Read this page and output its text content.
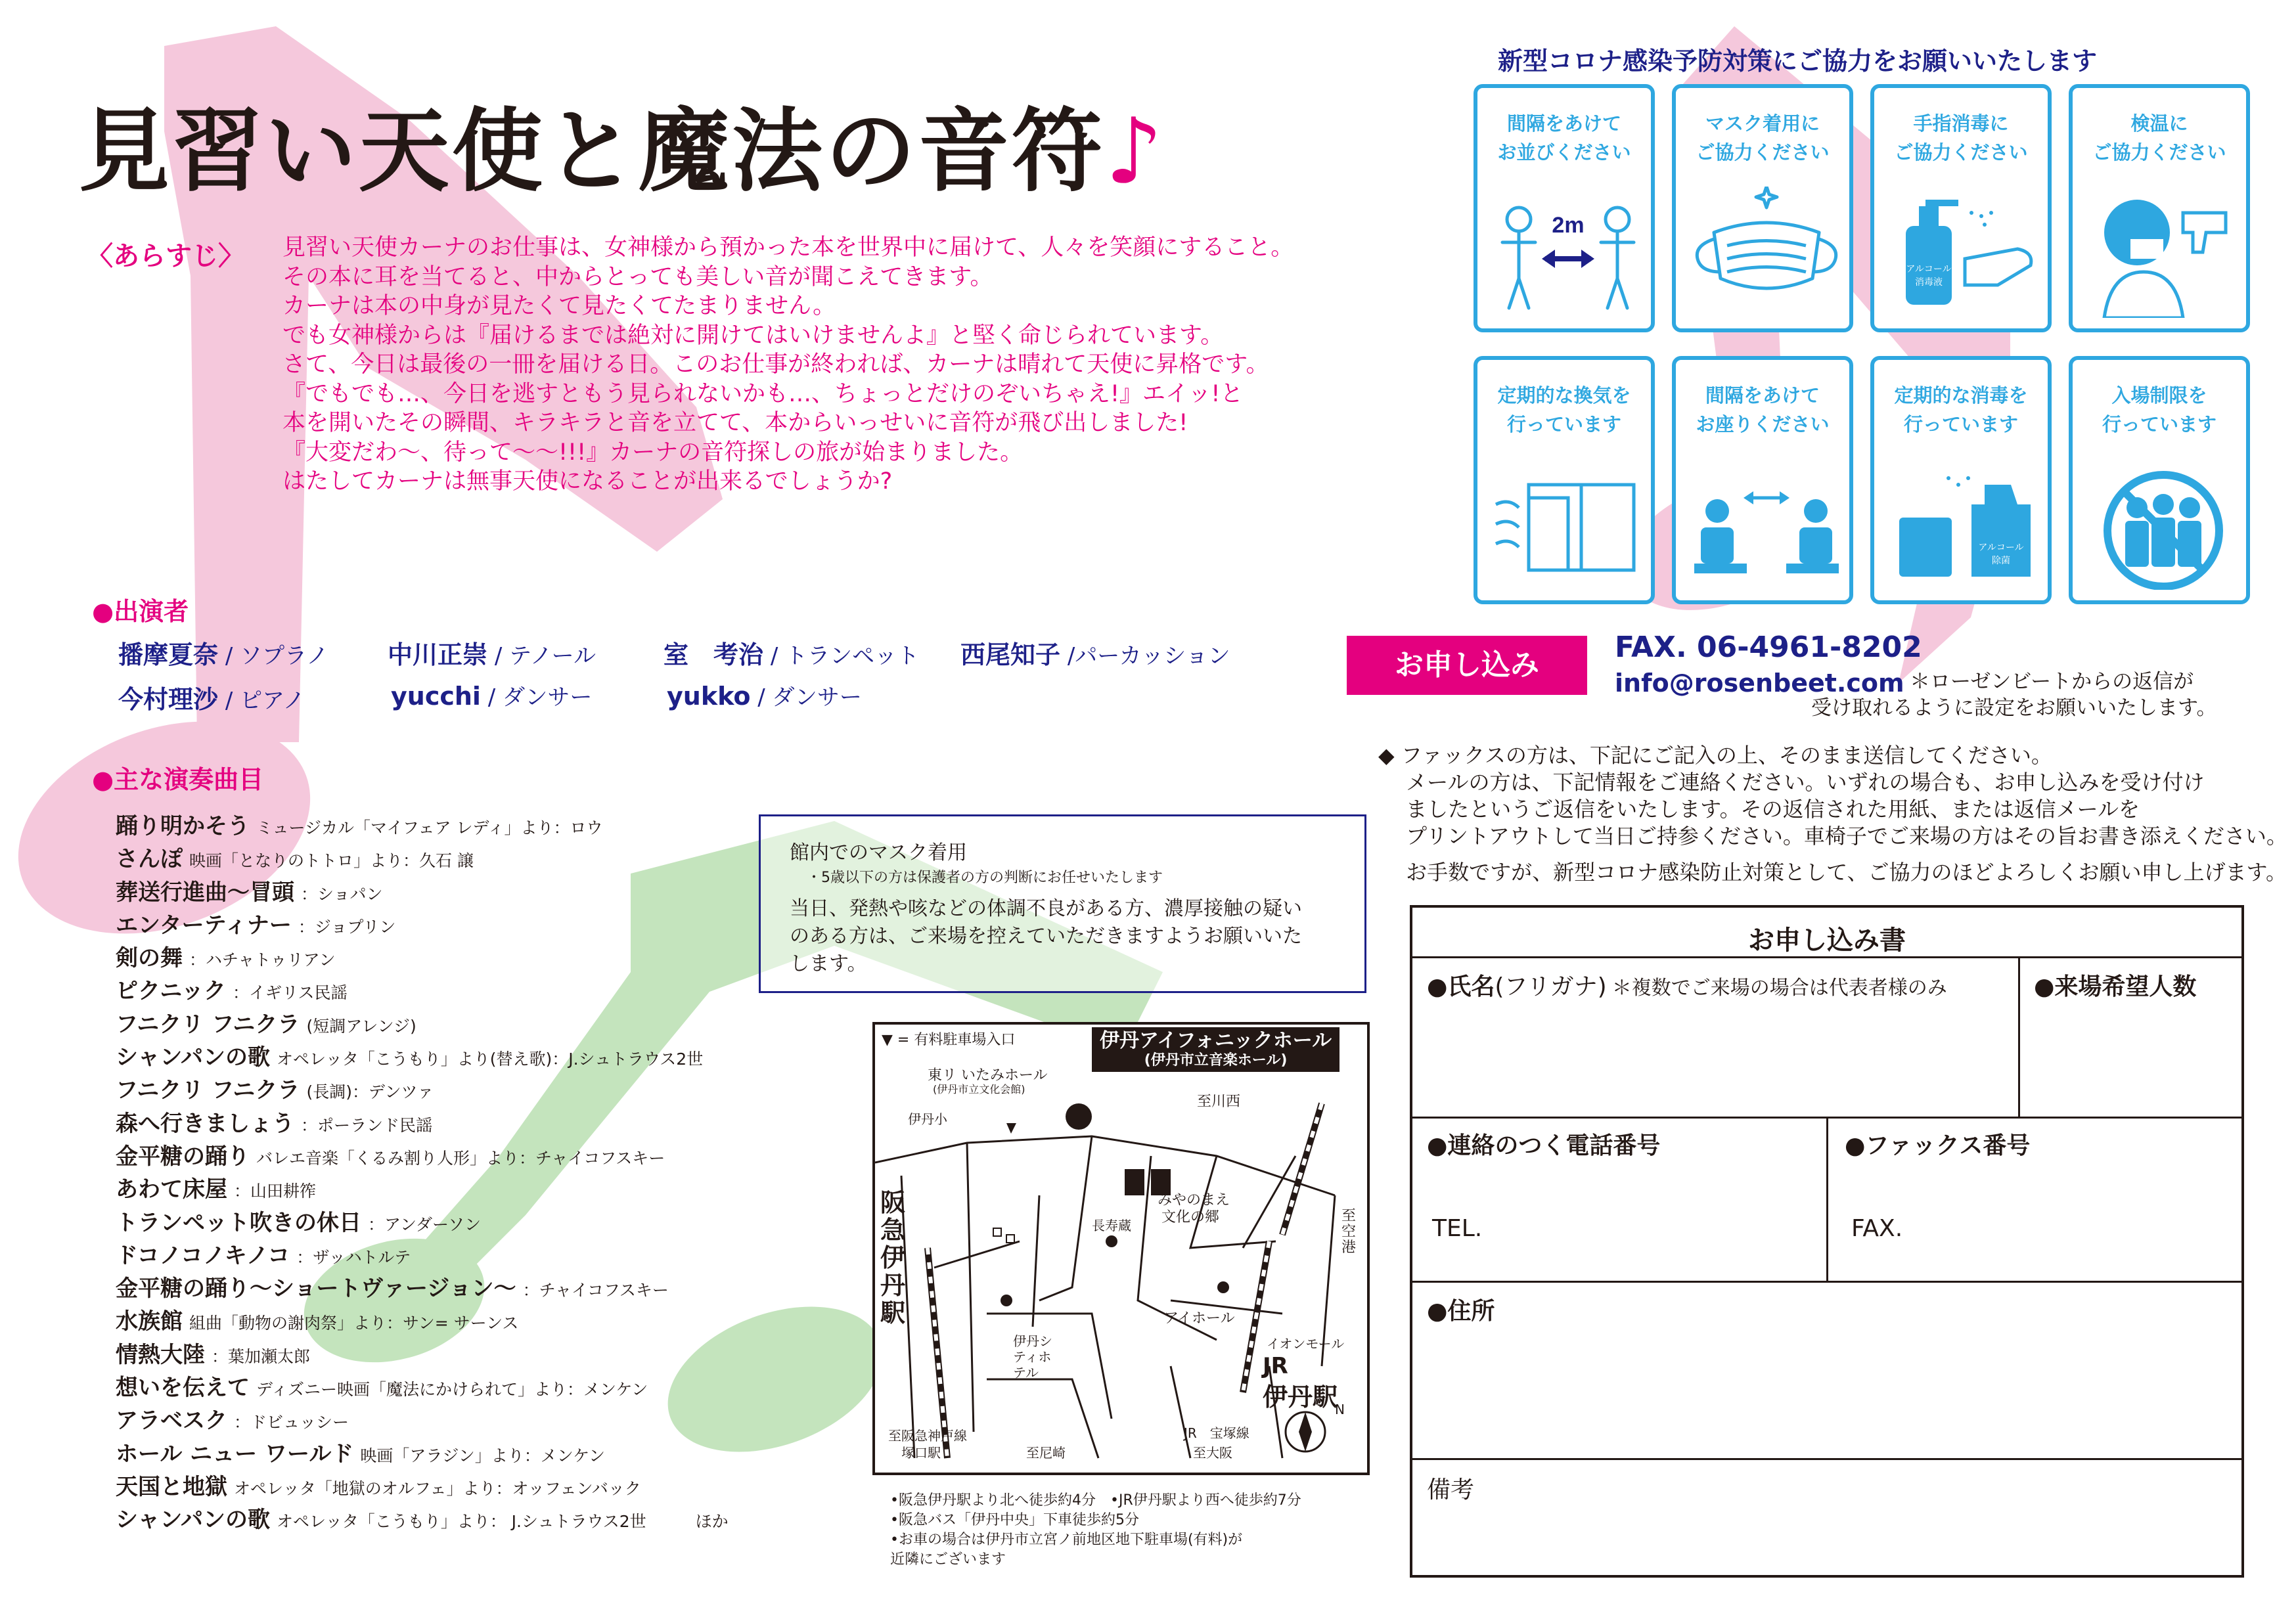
見習い天使と魔法の音符♪
〈あらすじ〉 見習い天使カーナのお仕事は、女神様から預かった本を世界中に届けて、人々を笑顔にすること。
その本に耳を当てると、中からとっても美しい音が聞こえてきます。
カーナは本の中身が見たくて見たくてたまりません。
でも女神様からは『届けるまでは絶対に開けてはいけませんよ』と堅く命じられています。
さて、今日は最後の一冊を届ける日。このお仕事が終われば、カーナは晴れて天使に昇格です。
『でもでも…、今日を逃すともう見られないかも…、ちょっとだけのぞいちゃえ!』エイッ!と
本を開いたその瞬間、キラキラと音を立てて、本からいっせいに音符が飛び出しました!
『大変だわ～、待って～～!!!』カーナの音符探しの旅が始まりました。
はたしてカーナは無事天使になることが出来るでしょうか?
●出演者
播摩夏奈 / ソプラノ 中川正崇 / テノール	室　考治 / トランペット 西尾知子 /パーカッション
今村理沙 / ピアノ	yucchi / ダンサー	yukko / ダンサー
●主な演奏曲目
踊り明かそう ミュージカル「マイフェア レディ」より：ロウ
さんぽ 映画「となりのトトロ」より：久石 譲
葬送行進曲～冒頭 ：ショパン
エンターティナー ：ジョプリン
剣の舞 ：ハチャトゥリアン
ピクニック ：イギリス民謡
フニクリ フニクラ (短調アレンジ)
シャンパンの歌 オペレッタ「こうもり」より(替え歌)：J.シュトラウス2世
フニクリ フニクラ (長調)：デンツァ
森へ行きましょう ：ポーランド民謡
金平糖の踊り バレエ音楽「くるみ割り人形」より：チャイコフスキー
あわて床屋 ：山田耕筰
トランペット吹きの休日 ：アンダーソン
ドコノコノキノコ ：ザッハトルテ
金平糖の踊り～ショートヴァージョン～ ：チャイコフスキー
水族館 組曲「動物の謝肉祭」より：サン= サーンス
情熱大陸 ：葉加瀬太郎
想いを伝えて ディズニー映画「魔法にかけられて」より：メンケン
アラベスク ：ドビュッシー
ホール ニュー ワールド 映画「アラジン」より：メンケン
天国と地獄 オペレッタ「地獄のオルフェ」より：オッフェンバック
シャンパンの歌 オペレッタ「こうもり」より： J.シュトラウス2世　　　ほか
館内でのマスク着用
・5歳以下の方は保護者の方の判断にお任せいたします
当日、発熱や咳などの体調不良がある方、濃厚接触の疑いのある方は、ご来場を控えていただきますようお願いいたします。
新型コロナ感染予防対策にご協力をお願いいたします
間隔をあけて
お並びください
2m
マスク着用に
ご協力ください
手指消毒に
ご協力ください
アルコール
消毒液
検温に
ご協力ください
定期的な換気を
行っています
間隔をあけて
お座りください
定期的な消毒を
行っています
アルコール
除菌
入場制限を
行っています
お申し込み
FAX. 06-4961-8202
info@rosenbeet.com ＊ローゼンビートからの返信が
受け取れるように設定をお願いいたします。
◆ ファックスの方は、下記にご記入の上、そのまま送信してください。
　 メールの方は、下記情報をご連絡ください。いずれの場合も、お申し込みを受け付け
　 ましたというご返信をいたします。その返信された用紙、または返信メールを
　 プリントアウトして当日ご持参ください。車椅子でご来場の方はその旨お書き添えください。
　 お手数ですが、新型コロナ感染防止対策として、ご協力のほどよろしくお願い申し上げます。
お申し込み書
●氏名(フリガナ) ＊複数でご来場の場合は代表者様のみ	●来場希望人数
●連絡のつく電話番号
TEL.
●ファックス番号
FAX.
●住所
備考
▼ = 有料駐車場入口	伊丹アイフォニックホール
(伊丹市立音楽ホール)
東リ いたみホール
(伊丹市立文化会館)
伊丹小
至川西
阪急伊丹駅
みやのまえ
文化の郷
長寿蔵
至空港
アイホール
伊丹シティホテル
イオンモール
JR
伊丹駅
至阪急神戸線
塚口駅	至尼崎
JR　宝塚線
至大阪
N
•阪急伊丹駅より北へ徒歩約4分　•JR伊丹駅より西へ徒歩約7分
•阪急バス「伊丹中央」下車徒歩約5分
•お車の場合は伊丹市立宮ノ前地区地下駐車場(有料)が
近隣にございます
